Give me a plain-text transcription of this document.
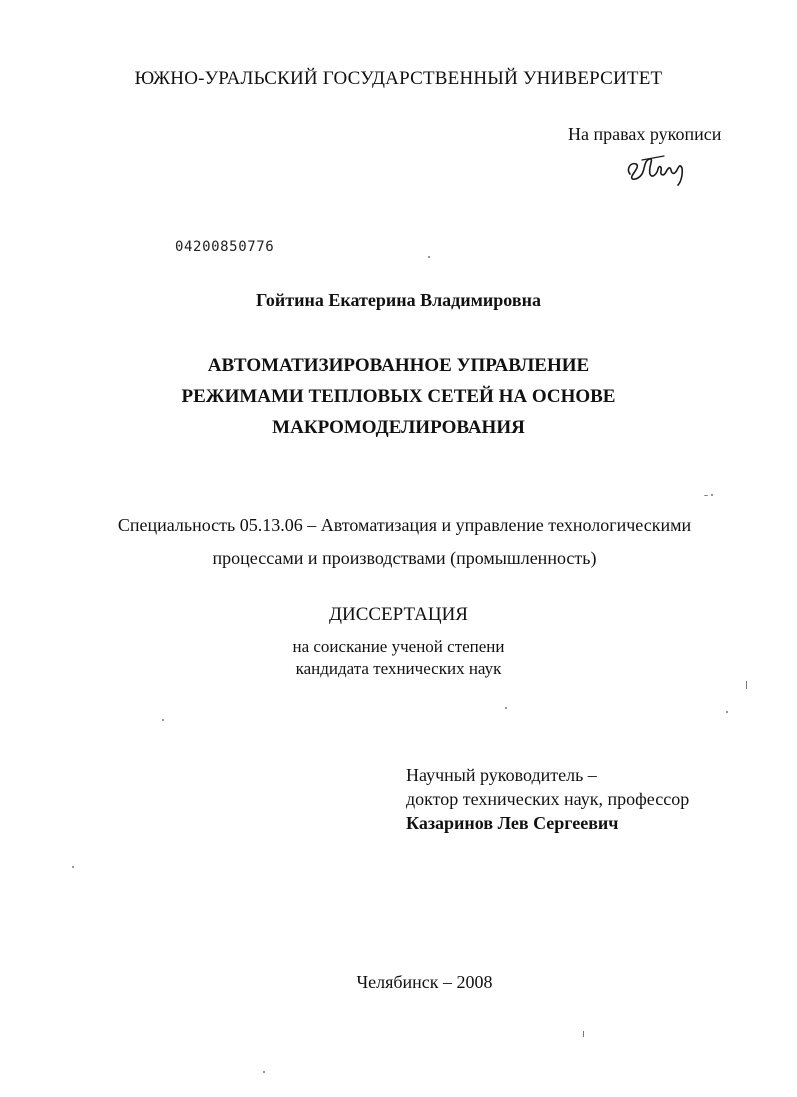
ЮЖНО-УРАЛЬСКИЙ ГОСУДАРСТВЕННЫЙ УНИВЕРСИТЕТ
На правах рукописи
04200850776
Гойтина Екатерина Владимировна
АВТОМАТИЗИРОВАННОЕ УПРАВЛЕНИЕ
РЕЖИМАМИ ТЕПЛОВЫХ СЕТЕЙ НА ОСНОВЕ
МАКРОМОДЕЛИРОВАНИЯ
Специальность 05.13.06 – Автоматизация и управление технологическими
процессами и производствами (промышленность)
ДИССЕРТАЦИЯ
на соискание ученой степени
кандидата технических наук
Научный руководитель –
доктор технических наук, профессор
Казаринов Лев Сергеевич
Челябинск – 2008
